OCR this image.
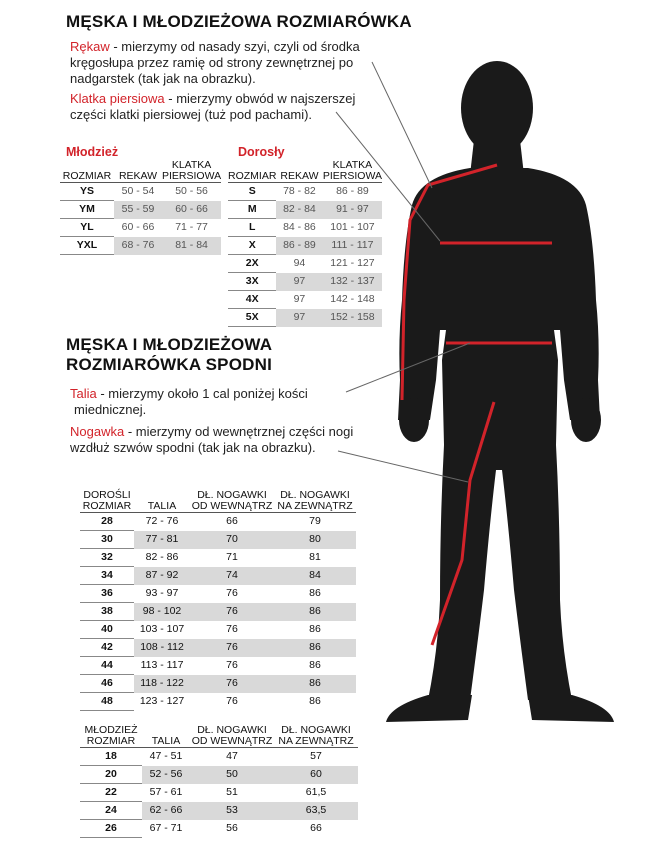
MĘSKA I MŁODZIEŻOWA ROZMIARÓWKA
Rękaw - mierzymy od nasady szyi, czyli od środka
kręgosłupa przez ramię od strony zewnętrznej po
nadgarstek (tak jak na obrazku).
Klatka piersiowa - mierzymy obwód w najszerszej
części klatki piersiowej (tuż pod pachami).
Młodzież
		KLATKA
ROZMIAR	REKAW	PIERSIOWA
YS	50 - 54	50 - 56
YM	55 - 59	60 - 66
YL	60 - 66	71 - 77
YXL	68 - 76	81 - 84
Dorosły
		KLATKA
ROZMIAR	REKAW	PIERSIOWA
S	78 - 82	86 - 89
M	82 - 84	91 - 97
L	84 - 86	101 - 107
X	86 - 89	111 - 117
2X	94	121 - 127
3X	97	132 - 137
4X	97	142 - 148
5X	97	152 - 158
MĘSKA I MŁODZIEŻOWA
ROZMIARÓWKA SPODNI
Talia - mierzymy około 1 cal poniżej kości
miednicznej.
Nogawka - mierzymy od wewnętrznej części nogi
wzdłuż szwów spodni (tak jak na obrazku).
DOROŚLI		DŁ. NOGAWKI	DŁ. NOGAWKI
ROZMIAR	TALIA	OD WEWNĄTRZ	NA ZEWNĄTRZ
28	72 - 76	66	79
30	77 - 81	70	80
32	82 - 86	71	81
34	87 - 92	74	84
36	93 - 97	76	86
38	98 - 102	76	86
40	103 - 107	76	86
42	108 - 112	76	86
44	113 - 117	76	86
46	118 - 122	76	86
48	123 - 127	76	86
MŁODZIEŻ		DŁ. NOGAWKI	DŁ. NOGAWKI
ROZMIAR	TALIA	OD WEWNĄTRZ	NA ZEWNĄTRZ
18	47 - 51	47	57
20	52 - 56	50	60
22	57 - 61	51	61,5
24	62 - 66	53	63,5
26	67 - 71	56	66
